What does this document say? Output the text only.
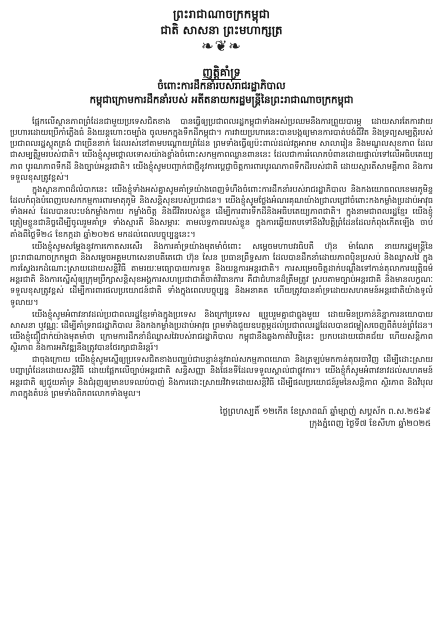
ព្រះរាជាណាចក្រកម្ពុជា
ជាតិ សាសនា ព្រះមហាក្សត្រ
❧❦❧
ញត្តិគាំទ្រ
ចំពោះការដឹកនាំរបស់រាជរដ្ឋាភិបាល
កម្ពុជាក្រោមការដឹកនាំរបស់ អតីតនាយករដ្ឋមន្ត្រីនៃព្រះរាជាណាចក្រកម្ពុជា

ផ្អែកលើស្ថានភាពព្រំដែនជាមួយប្រទេសជិតខាង បានធ្វើឲ្យប្រជាពលរដ្ឋកម្ពុជាទាំងអស់ប្រឈមនឹងការព្រួយបារម្ភ ដោយសារតែការវាយប្រហារដោយប្រើកាំភ្លើងធំ និងយន្តហោះចម្បាំង ចូលមកក្នុងទឹកដីកម្ពុជា។ ការវាយប្រហារនេះបានបង្កឲ្យមានការបាត់បង់ជីវិត និងទ្រព្យសម្បត្តិរបស់ប្រជាពលរដ្ឋស្លូតត្រង់ ជាច្រើននាក់ ដែលរស់នៅតាមបណ្តោយព្រំដែន ព្រមទាំងធ្វើឲ្យប៉ះពាល់ដល់វត្តអារាម សាលារៀន និងមណ្ឌលសុខភាព ដែលជាសម្បត្តិរួមរបស់ជាតិ។ យើងខ្ញុំសូមថ្កោលទោសយ៉ាងខ្លាំងចំពោះសកម្មភាពឈ្លានពាននេះ ដែលជាការរំលោភបំពានដោយផ្ទាល់ទៅលើអធិបតេយ្យភាព បូរណភាពទឹកដី និងច្បាប់អន្តរជាតិ។ យើងខ្ញុំសូមបញ្ជាក់ជាថ្មីនូវការប្តេជ្ញាចិត្តការពារបូរណភាពទឹកដីរបស់ជាតិ ដោយស្មារតីសាមគ្គីភាព និងការទទួលខុសត្រូវខ្ពស់។

ក្នុងស្ថានភាពដ៏លំបាកនេះ យើងខ្ញុំទាំងអស់គ្នាសូមគាំទ្រយ៉ាងពេញទំហឹងចំពោះការដឹកនាំរបស់រាជរដ្ឋាភិបាល និងកងយោធពលខេមរភូមិន្ទ ដែលកំពុងបំពេញបេសកកម្មការពារមាតុភូមិ និងសន្តិសុខរបស់ប្រជាជន។ យើងខ្ញុំសូមថ្លែងអំណរគុណយ៉ាងជ្រាលជ្រៅចំពោះកងកម្លាំងប្រដាប់អាវុធទាំងអស់ ដែលបានលះបង់កម្លាំងកាយ កម្លាំងចិត្ត និងជីវិតរបស់ខ្លួន ដើម្បីការពារទឹកដីនិងអធិបតេយ្យភាពជាតិ។ ក្នុងនាមជាពលរដ្ឋខ្មែរ យើងខ្ញុំត្រៀមខ្លួនជានិច្ចដើម្បីចូលរួមគាំទ្រ ទាំងស្មារតី និងសម្ភារៈ តាមលទ្ធភាពរបស់ខ្លួន ក្នុងការឆ្លើយតបទៅនឹងវិបត្តិព្រំដែនដែលកំពុងកើតឡើង ចាប់តាំងពីថ្ងៃទី២៤ ខែកក្កដា ឆ្នាំ២០២៥ មកដល់ពេលបច្ចុប្បន្ននេះ។

យើងខ្ញុំសូមសម្តែងនូវការកោតសរសើរ និងការគាំទ្រយ៉ាងមុតមាំចំពោះ សម្តេចមហាបវរធិបតី ហ៊ុន ម៉ាណែត នាយករដ្ឋមន្ត្រីនៃព្រះរាជាណាចក្រកម្ពុជា និងសម្តេចអគ្គមហាសេនាបតីតេជោ ហ៊ុន សែន ប្រធានព្រឹទ្ធសភា ដែលបានដឹកនាំដោយភាពប៉ិនប្រសប់ និងឈ្លាសវៃ ក្នុងការស្វែងរកដំណោះស្រាយដោយសន្តិវិធី តាមរយៈមធ្យោបាយការទូត និងយន្តការអន្តរជាតិ។ ការសម្រេចចិត្តដាក់បណ្តឹងទៅកាន់តុលាការយុត្តិធម៌អន្តរជាតិ និងការស្នើសុំឲ្យក្រុមប្រឹក្សាសន្តិសុខអង្គការសហប្រជាជាតិចាត់វិធានការ គឺជាជំហានដ៏ត្រឹមត្រូវ ស្របតាមច្បាប់អន្តរជាតិ និងមានលក្ខណៈទទួលខុសត្រូវខ្ពស់ ដើម្បីការពារផលប្រយោជន៍ជាតិ ទាំងក្នុងពេលបច្ចុប្បន្ន និងអនាគត ហើយត្រូវបានគាំទ្រដោយសហគមន៍អន្តរជាតិយ៉ាងទូលំទូលាយ។

យើងខ្ញុំសូមអំពាវនាវដល់ប្រជាពលរដ្ឋខ្មែរទាំងក្នុងប្រទេស និងក្រៅប្រទេស ឲ្យរួបរួមគ្នាជាធ្លុងមួយ ដោយមិនប្រកាន់និន្នាការនយោបាយ សាសនា ឬវណ្ណៈ ដើម្បីគាំទ្ររាជរដ្ឋាភិបាល និងកងកម្លាំងប្រដាប់អាវុធ ព្រមទាំងជួយឧបត្ថម្ភដល់ប្រជាពលរដ្ឋដែលបានជម្លៀសចេញពីតំបន់ព្រំដែន។ យើងខ្ញុំជឿជាក់យ៉ាងមុតមាំថា ក្រោមការដឹកនាំដ៏ឈ្លាសវៃរបស់រាជរដ្ឋាភិបាល កម្ពុជានឹងឆ្លងកាត់វិបត្តិនេះ ប្រកបដោយជោគជ័យ ហើយសន្តិភាព ស្ថិរភាព និងការអភិវឌ្ឍនឹងត្រូវបានថែរក្សាជានិរន្តរ៍។

ជាចុងក្រោយ យើងខ្ញុំសូមស្នើឲ្យប្រទេសជិតខាងបញ្ឈប់ជាបន្ទាន់នូវរាល់សកម្មភាពយោធា និងត្រឡប់មកកាន់តុចរចាវិញ ដើម្បីដោះស្រាយបញ្ហាព្រំដែនដោយសន្តិវិធី ដោយផ្អែកលើច្បាប់អន្តរជាតិ សន្ធិសញ្ញា និងផែនទីដែលទទួលស្គាល់ជាផ្លូវការ។ យើងខ្ញុំក៏សូមអំពាវនាវដល់សហគមន៍អន្តរជាតិ ឲ្យជួយគាំទ្រ និងជំរុញឲ្យមានបទឈប់បាញ់ និងការដោះស្រាយវិវាទដោយសន្តិវិធី ដើម្បីផលប្រយោជន៍រួមនៃសន្តិភាព ស្ថិរភាព និងវិបុលភាពក្នុងតំបន់ ព្រមទាំងពិភពលោកទាំងមូល។

ថ្ងៃព្រហស្បតិ៍ ១២កើត ខែស្រាពណ៍ ឆ្នាំម្សាញ់ សប្តស័ក ព.ស.២៥៦៩
ក្រុងភ្នំពេញ ថ្ងៃទី៧ ខែសីហា ឆ្នាំ២០២៥
